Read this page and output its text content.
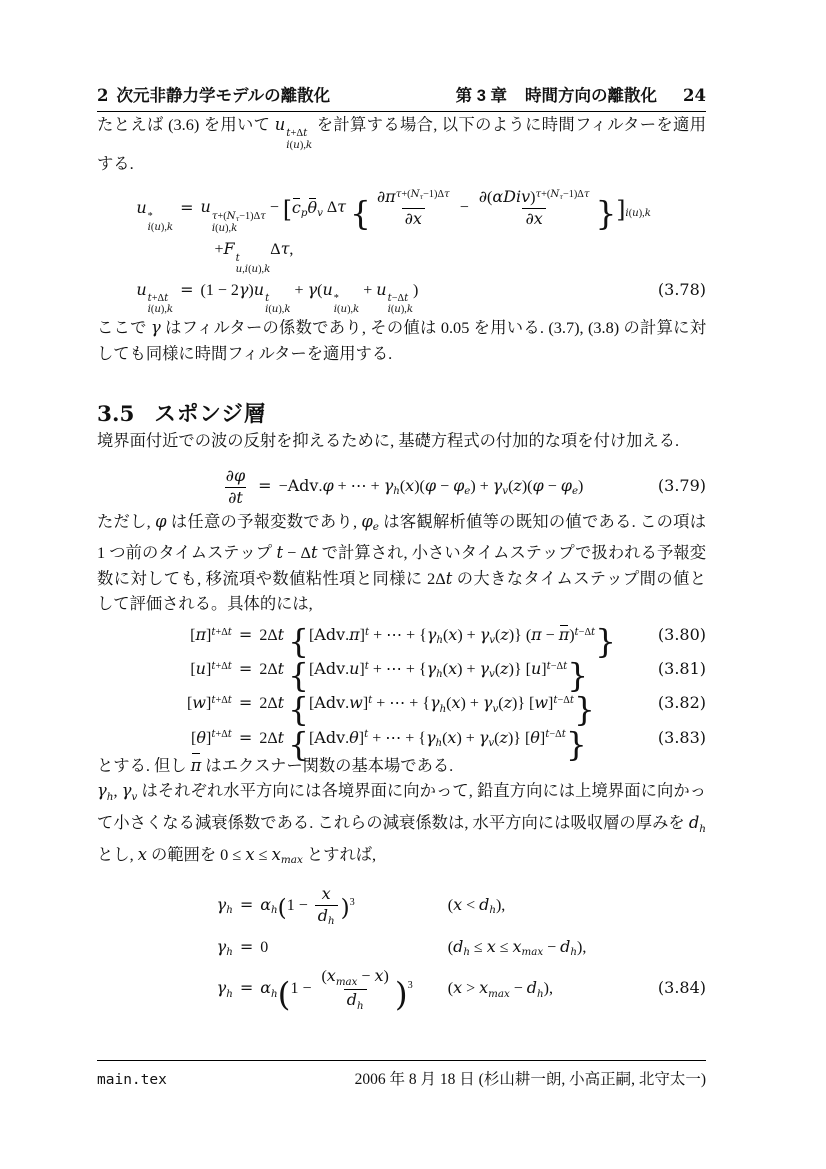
2 次元非静力学モデルの離散化	第 3 章 時間方向の離散化 24

たとえば (3.6) を用いて u t+Δt
i(u),k
を計算する場合, 以下のように時間フィルターを適用する.

u *
i(u),k
= u $\tau+(N_\tau-1)\Delta\tau$
i(u),k
− [$c_p\theta_v$ Δτ { $\frac{\partial\pi^{\tau+(N_\tau-1)\Delta\tau}}{\partial x} - \frac{\partial(\alpha Div)^{\tau+(N_\tau-1)\Delta\tau}}{\partial x} \}]_{i(u),k}$
+F t
u,i(u),k
Δτ,
u t+Δt
i(u),k
= (1 − 2γ)u t
i(u),k
+ γ(u *
i(u),k
+ u t−Δt
i(u),k
)	(3.78)

ここで γ はフィルターの係数であり, その値は 0.05 を用いる. (3.7), (3.8) の計算に対しても同様に時間フィルターを適用する.

3.5 スポンジ層

境界面付近での波の反射を抑えるために, 基礎方程式の付加的な項を付け加える.

$\frac{\partial\varphi}{\partial t} = -Adv.\varphi$ + ⋯ + $\gamma_h(x)(\varphi - \varphi_e) + \gamma_v(z)(\varphi - \varphi_e)$	(3.79)

ただし, φ は任意の予報変数であり, $\varphi_e$ は客観解析値等の既知の値である. この項は 1 つ前のタイムステップ t − Δt で計算され, 小さいタイムステップで扱われる予報変数に対しても, 移流項や数値粘性項と同様に 2Δt の大きなタイムステップ間の値として評価される。具体的には,

$[\pi]^{t+\Delta t} = 2\Delta t$ {$[Adv.\pi]^t$ + ⋯ + $\{\gamma_h(x) + \gamma_v(z)\} (\pi - \pi)^{t-\Delta t}$}	(3.80)
$[u]^{t+\Delta t} = 2\Delta t$ {$[Adv.u]^t$ + ⋯ + $\{\gamma_h(x) + \gamma_v(z)\}$ $[u]^{t-\Delta t}$}	(3.81)
$[w]^{t+\Delta t} = 2\Delta t$ {$[Adv.w]^t$ + ⋯ + $\{\gamma_h(x) + \gamma_v(z)\}$ $[w]^{t-\Delta t}$}	(3.82)
$[\theta]^{t+\Delta t} = 2\Delta t$ {$[Adv.\theta]^t$ + ⋯ + $\{\gamma_h(x) + \gamma_v(z)\}$ $[\theta]^{t-\Delta t}$}	(3.83)

とする. 但し π はエクスナー関数の基本場である.

$\gamma_h$, $\gamma_v$ はそれぞれ水平方向には各境界面に向かって, 鉛直方向には上境界面に向かって小さくなる減衰係数である. これらの減衰係数は, 水平方向には吸収層の厚みを $d_h$ とし, x の範囲を $0 \le x \le x_{max}$ とすれば,

$\gamma_h = \alpha_h(1 - \frac{x}{d_h} )^3$	$(x < d_h)$,
$\gamma_h = 0$	$(d_h \le x \le x_{max} - d_h)$,
$\gamma_h = \alpha_h(1 - \frac{(x_{max} - x)}{d_h} )^3$	$(x > x_{max} - d_h)$,	(3.84)
main.tex	2006 年 8 月 18 日 (杉山耕一朗, 小高正嗣, 北守太一)
